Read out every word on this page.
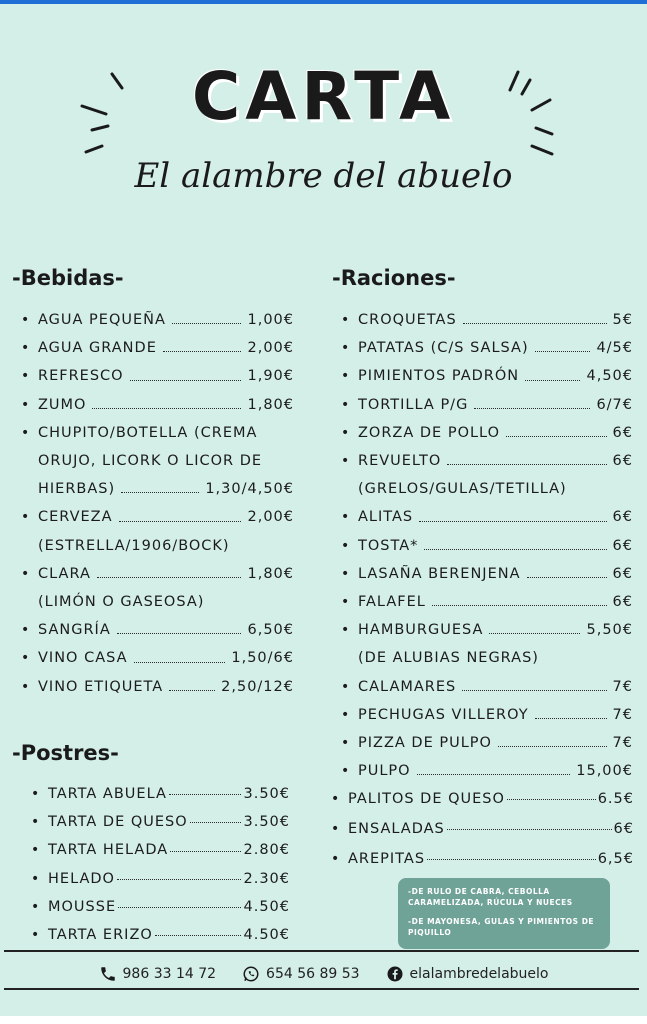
CARTA
El alambre del abuelo
-Bebidas-
• AGUA PEQUEÑA	1,00€
• AGUA GRANDE	2,00€
• REFRESCO	1,90€
• ZUMO	1,80€
• CHUPITO/BOTELLA (CREMA
ORUJO, LICORK O LICOR DE
HIERBAS)	1,30/4,50€
• CERVEZA	2,00€
(ESTRELLA/1906/BOCK)
• CLARA	1,80€
(LIMÓN O GASEOSA)
• SANGRÍA	6,50€
• VINO CASA	1,50/6€
• VINO ETIQUETA	2,50/12€
-Postres-
• TARTA ABUELA	3.50€
• TARTA DE QUESO	3.50€
• TARTA HELADA	2.80€
• HELADO	2.30€
• MOUSSE	4.50€
• TARTA ERIZO	4.50€
-Raciones-
• CROQUETAS	5€
• PATATAS (C/S SALSA)	4/5€
• PIMIENTOS PADRÓN	4,50€
• TORTILLA P/G	6/7€
• ZORZA DE POLLO	6€
• REVUELTO	6€
(GRELOS/GULAS/TETILLA)
• ALITAS	6€
• TOSTA*	6€
• LASAÑA BERENJENA	6€
• FALAFEL	6€
• HAMBURGUESA	5,50€
(DE ALUBIAS NEGRAS)
• CALAMARES	7€
• PECHUGAS VILLEROY	7€
• PIZZA DE PULPO	7€
• PULPO	15,00€
• PALITOS DE QUESO	6.5€
• ENSALADAS	6€
• AREPITAS	6,5€

-DE RULO DE CABRA, CEBOLLA CARAMELIZADA, RÚCULA Y NUECES

-DE MAYONESA, GULAS Y PIMIENTOS DE PIQUILLO

986 33 14 72	654 56 89 53	elalambredelabuelo
